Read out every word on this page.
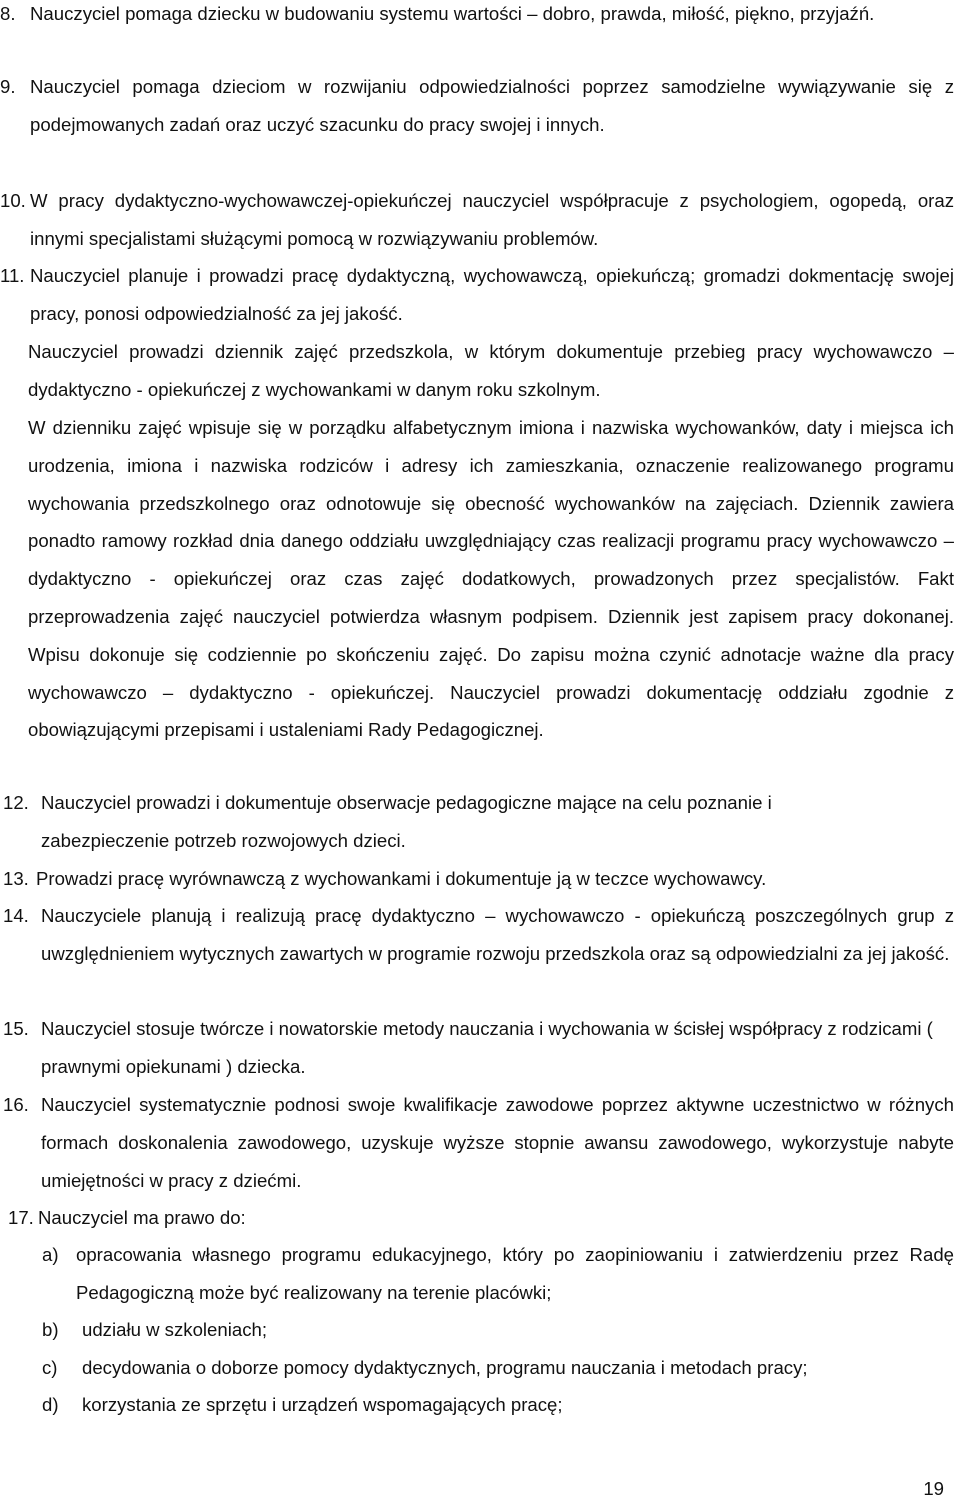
8. Nauczyciel pomaga dziecku w budowaniu systemu wartości – dobro, prawda, miłość, piękno, przyjaźń.
9. Nauczyciel pomaga dzieciom w rozwijaniu odpowiedzialności poprzez samodzielne wywiązywanie się z podejmowanych zadań oraz uczyć szacunku do pracy swojej i innych.
10. W pracy dydaktyczno-wychowawczej-opiekuńczej nauczyciel współpracuje z psychologiem, ogopedą, oraz innymi specjalistami służącymi pomocą w rozwiązywaniu problemów.
11. Nauczyciel planuje i prowadzi pracę dydaktyczną, wychowawczą, opiekuńczą; gromadzi dokmentację swojej pracy, ponosi odpowiedzialność za jej jakość.

Nauczyciel prowadzi dziennik zajęć przedszkola, w którym dokumentuje przebieg pracy wychowawczo – dydaktyczno - opiekuńczej z wychowankami w danym roku szkolnym.

W dzienniku zajęć wpisuje się w porządku alfabetycznym imiona i nazwiska wychowanków, daty i miejsca ich urodzenia, imiona i nazwiska rodziców i adresy ich zamieszkania, oznaczenie realizowanego programu wychowania przedszkolnego oraz odnotowuje się obecność wychowanków na zajęciach. Dziennik zawiera ponadto ramowy rozkład dnia danego oddziału uwzględniający czas realizacji programu pracy wychowawczo – dydaktyczno - opiekuńczej oraz czas zajęć dodatkowych, prowadzonych przez specjalistów. Fakt przeprowadzenia zajęć nauczyciel potwierdza własnym podpisem. Dziennik jest zapisem pracy dokonanej. Wpisu dokonuje się codziennie po skończeniu zajęć. Do zapisu można czynić adnotacje ważne dla pracy wychowawczo – dydaktyczno - opiekuńczej. Nauczyciel prowadzi dokumentację oddziału zgodnie z obowiązującymi przepisami i ustaleniami Rady Pedagogicznej.

12. Nauczyciel prowadzi i dokumentuje obserwacje pedagogiczne mające na celu poznanie i zabezpieczenie potrzeb rozwojowych dzieci.
13. Prowadzi pracę wyrównawczą z wychowankami i dokumentuje ją w teczce wychowawcy.
14. Nauczyciele planują i realizują pracę dydaktyczno – wychowawczo - opiekuńczą poszczególnych grup z uwzględnieniem wytycznych zawartych w programie rozwoju przedszkola oraz są odpowiedzialni za jej jakość.
15. Nauczyciel stosuje twórcze i nowatorskie metody nauczania i wychowania w ścisłej współpracy z rodzicami ( prawnymi opiekunami ) dziecka.
16. Nauczyciel systematycznie podnosi swoje kwalifikacje zawodowe poprzez aktywne uczestnictwo w różnych formach doskonalenia zawodowego, uzyskuje wyższe stopnie awansu zawodowego, wykorzystuje nabyte umiejętności w pracy z dziećmi.
17. Nauczyciel ma prawo do:
a) opracowania własnego programu edukacyjnego, który po zaopiniowaniu i zatwierdzeniu przez Radę Pedagogiczną może być realizowany na terenie placówki;
b)	udziału w szkoleniach;
c)	decydowania o doborze pomocy dydaktycznych, programu nauczania i metodach pracy;
d)	korzystania ze sprzętu i urządzeń wspomagających pracę;
19
